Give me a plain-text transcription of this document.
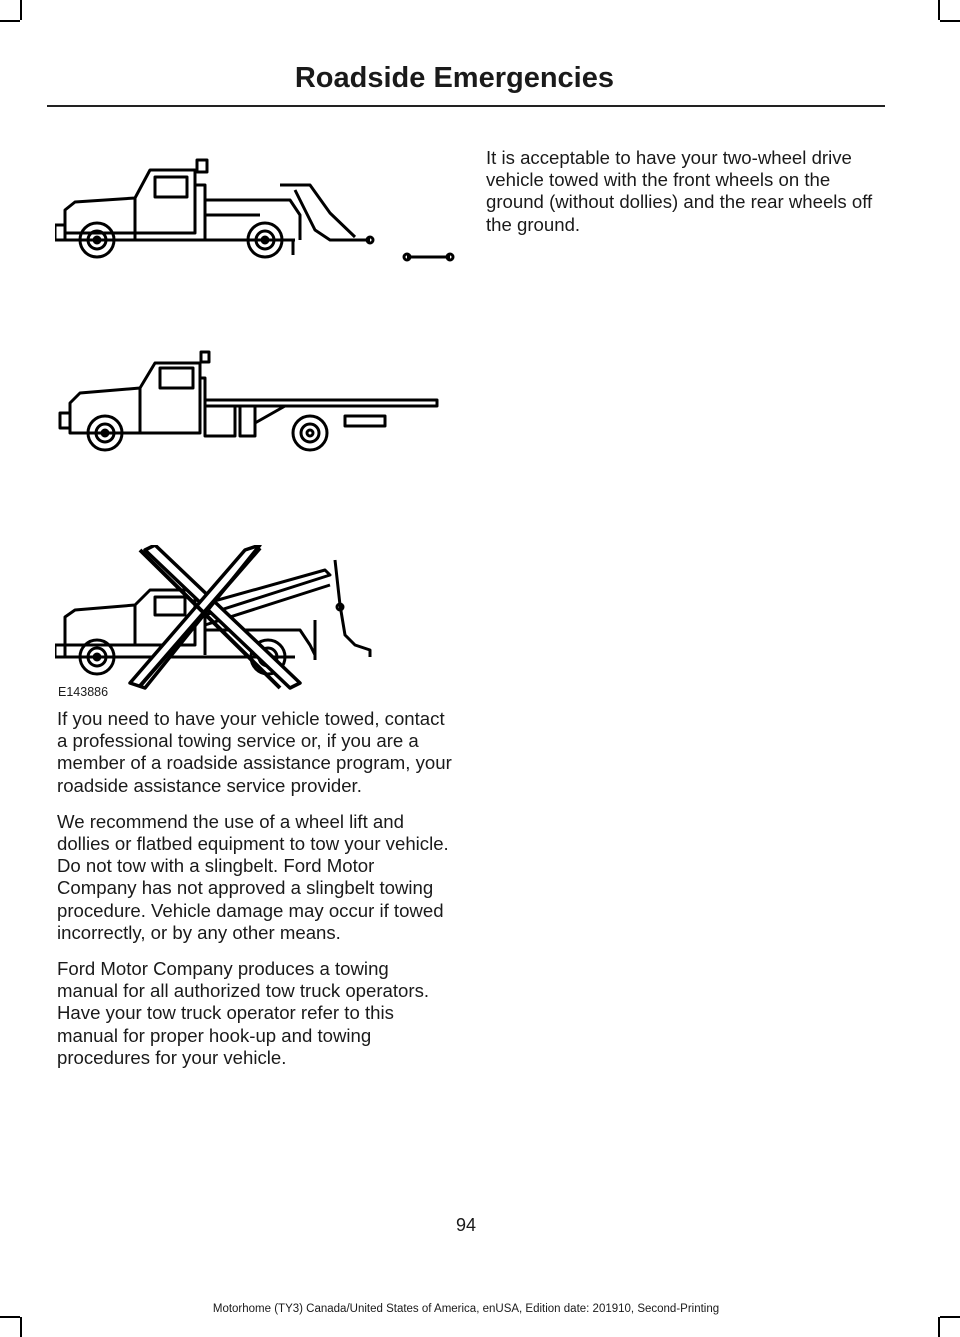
Roadside Emergencies
E143886

If you need to have your vehicle towed, contact a professional towing service or, if you are a member of a roadside assistance program, your roadside assistance service provider.

We recommend the use of a wheel lift and dollies or flatbed equipment to tow your vehicle. Do not tow with a slingbelt. Ford Motor Company has not approved a slingbelt towing procedure. Vehicle damage may occur if towed incorrectly, or by any other means.

Ford Motor Company produces a towing manual for all authorized tow truck operators. Have your tow truck operator refer to this manual for proper hook-up and towing procedures for your vehicle.

It is acceptable to have your two-wheel drive vehicle towed with the front wheels on the ground (without dollies) and the rear wheels off the ground.

94
Motorhome (TY3) Canada/United States of America, enUSA, Edition date: 201910, Second-Printing
